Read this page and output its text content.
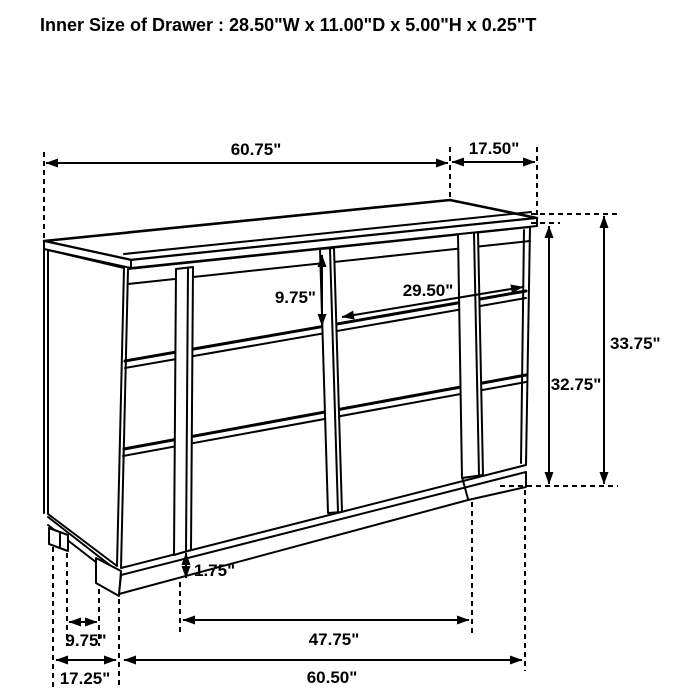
Inner Size of Drawer : 28.50"W x 11.00"D x 5.00"H x 0.25"T
60.75"	17.50"
9.75"	29.50"
33.75"
32.75"
1.75"
9.75"	47.75"
17.25"	60.50"
